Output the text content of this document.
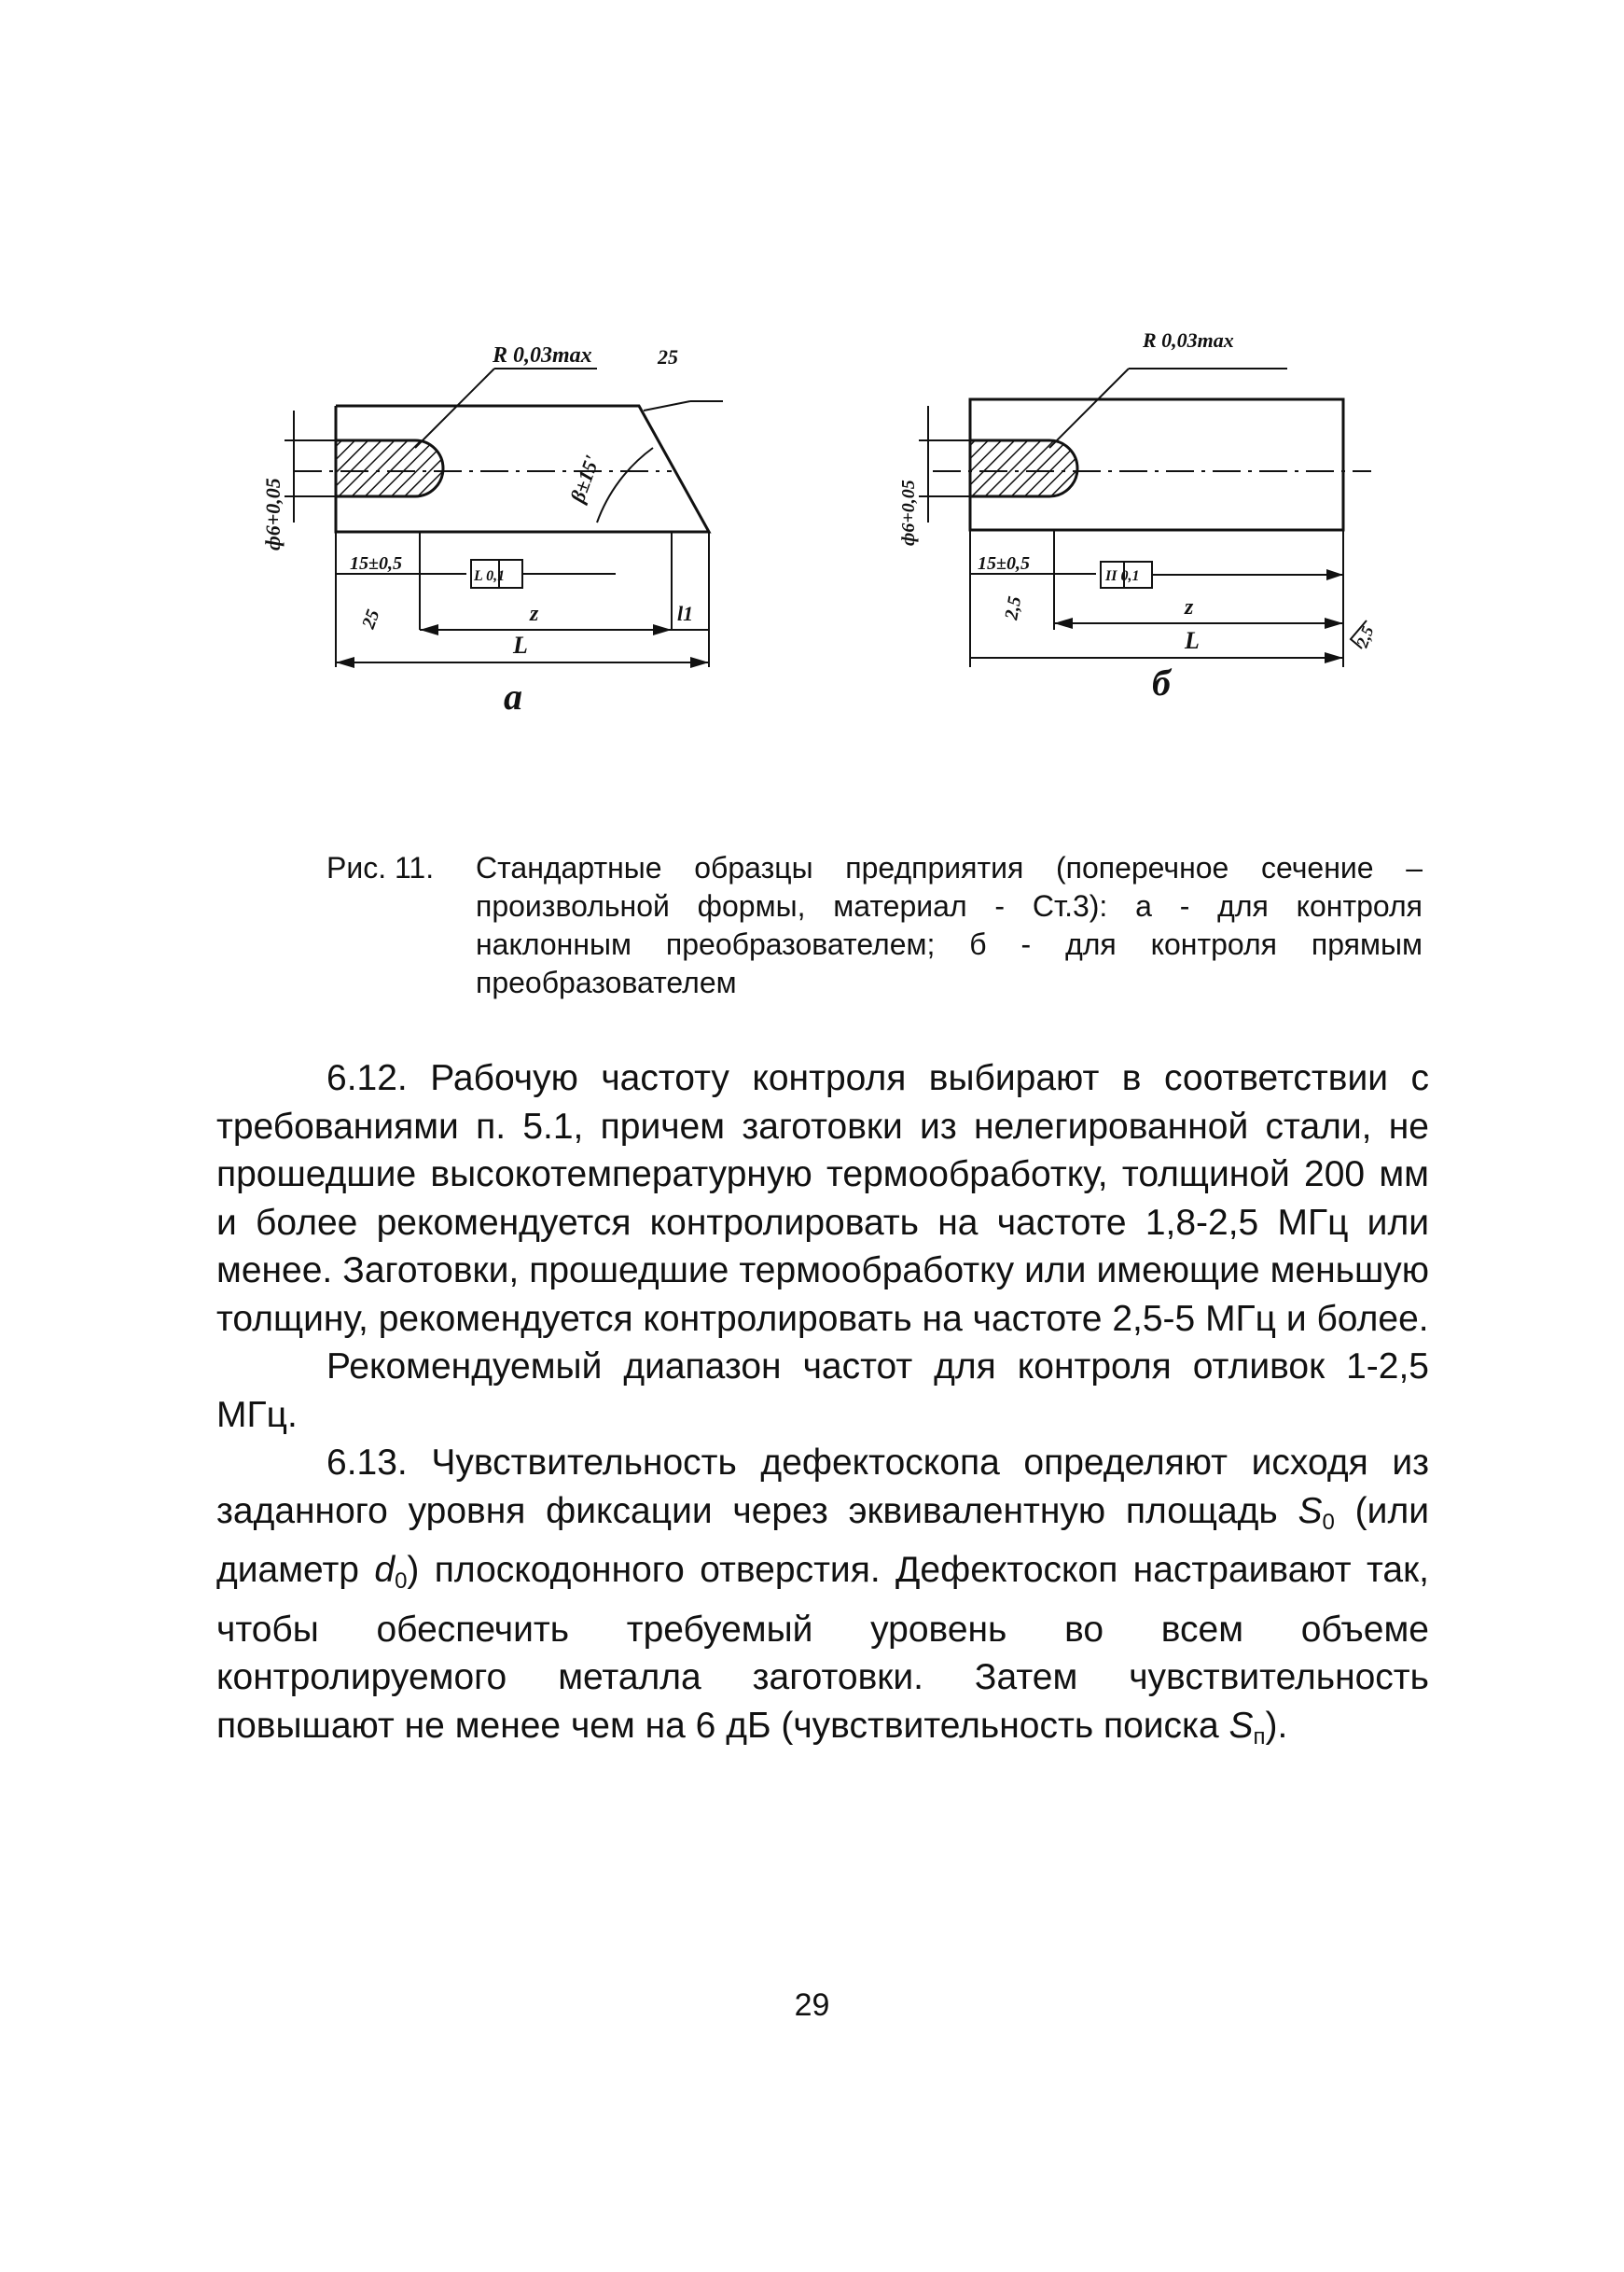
R 0,03max	25
ф6+0,05	β±15'
15±0,5
L 0,1
25	z	l1
L
а
R 0,03max
ф6+0,05
15±0,5
II 0,1
2,5
2,5
z
L
б
Рис. 11. Стандартные образцы предприятия (поперечное сечение – произвольной формы, материал - Ст.3): а - для контроля наклонным преобразователем; б - для контроля прямым преобразователем

6.12. Рабочую частоту контроля выбирают в соответствии с требованиями п. 5.1, причем заготовки из нелегированной стали, не прошедшие высокотемпературную термообработку, толщиной 200 мм и более рекомендуется контролировать на частоте 1,8-2,5 МГц или менее. Заготовки, прошедшие термообработку или имеющие меньшую толщину, рекомендуется контролировать на частоте 2,5-5 МГц и более.

Рекомендуемый диапазон частот для контроля отливок 1-2,5 МГц.

6.13. Чувствительность дефектоскопа определяют исходя из заданного уровня фиксации через эквивалентную площадь $S_0$ (или диаметр $d_0$) плоскодонного отверстия. Дефектоскоп настраивают так, чтобы обеспечить требуемый уровень во всем объеме контролируемого металла заготовки. Затем чувствительность повышают не менее чем на 6 дБ (чувствительность поиска $S_п$).

29
